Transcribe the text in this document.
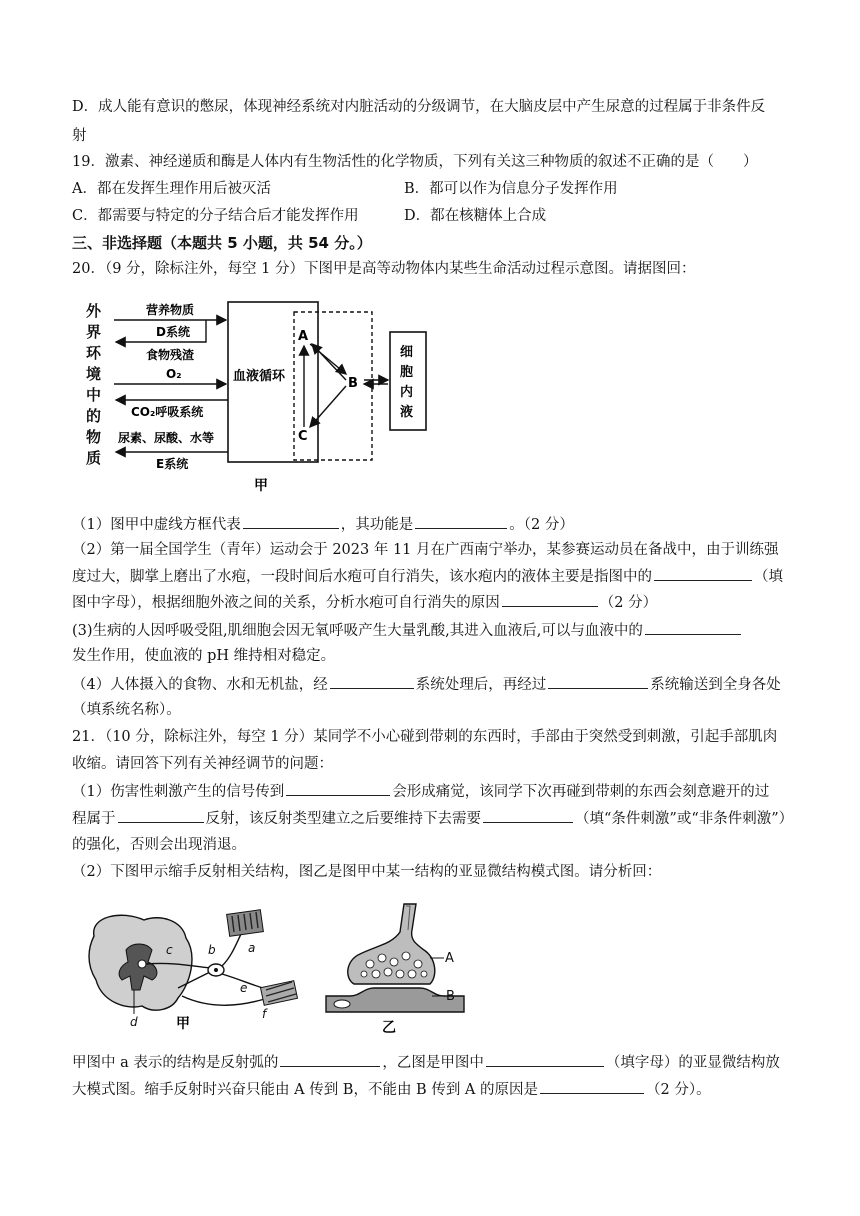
D．成人能有意识的憋尿，体现神经系统对内脏活动的分级调节，在大脑皮层中产生尿意的过程属于非条件反
射
19．激素、神经递质和酶是人体内有生物活性的化学物质，下列有关这三种物质的叙述不正确的是（　　）
A．都在发挥生理作用后被灭活	B．都可以作为信息分子发挥作用
C．都需要与特定的分子结合后才能发挥作用	D．都在核糖体上合成
三、非选择题（本题共 5 小题，共 54 分。）
20．（9 分，除标注外，每空 1 分）下图甲是高等动物体内某些生命活动过程示意图。请据图回：
外
界
环
境
中
的
物
质
血液循环
营养物质
D系统
食物残渣
O₂
CO₂呼吸系统
尿素、尿酸、水等
E系统
A
B
C
细
胞
内
液
甲
（1）图甲中虚线方框代表	，其功能是	。（2 分）
（2）第一届全国学生（青年）运动会于 2023 年 11 月在广西南宁举办，某参赛运动员在备战中，由于训练强
度过大，脚掌上磨出了水疱，一段时间后水疱可自行消失，该水疱内的液体主要是指图中的	（填
图中字母），根据细胞外液之间的关系，分析水疱可自行消失的原因	（2 分）
(3)生病的人因呼吸受阻,肌细胞会因无氧呼吸产生大量乳酸,其进入血液后,可以与血液中的
发生作用，使血液的 pH 维持相对稳定。
（4）人体摄入的食物、水和无机盐，经	系统处理后，再经过	系统输送到全身各处
（填系统名称）。
21．（10 分，除标注外，每空 1 分）某同学不小心碰到带刺的东西时，手部由于突然受到刺激，引起手部肌肉
收缩。请回答下列有关神经调节的问题：
（1）伤害性刺激产生的信号传到	会形成痛觉，该同学下次再碰到带刺的东西会刻意避开的过
程属于	反射，该反射类型建立之后要维持下去需要	（填“条件刺激”或“非条件刺激”）
的强化，否则会出现消退。
（2）下图甲示缩手反射相关结构，图乙是图甲中某一结构的亚显微结构模式图。请分析回：
a
b
c
d
e
f
甲
A
B
乙
甲图中 a 表示的结构是反射弧的	，乙图是甲图中	（填字母）的亚显微结构放
大模式图。缩手反射时兴奋只能由 A 传到 B，不能由 B 传到 A 的原因是	（2 分）。
